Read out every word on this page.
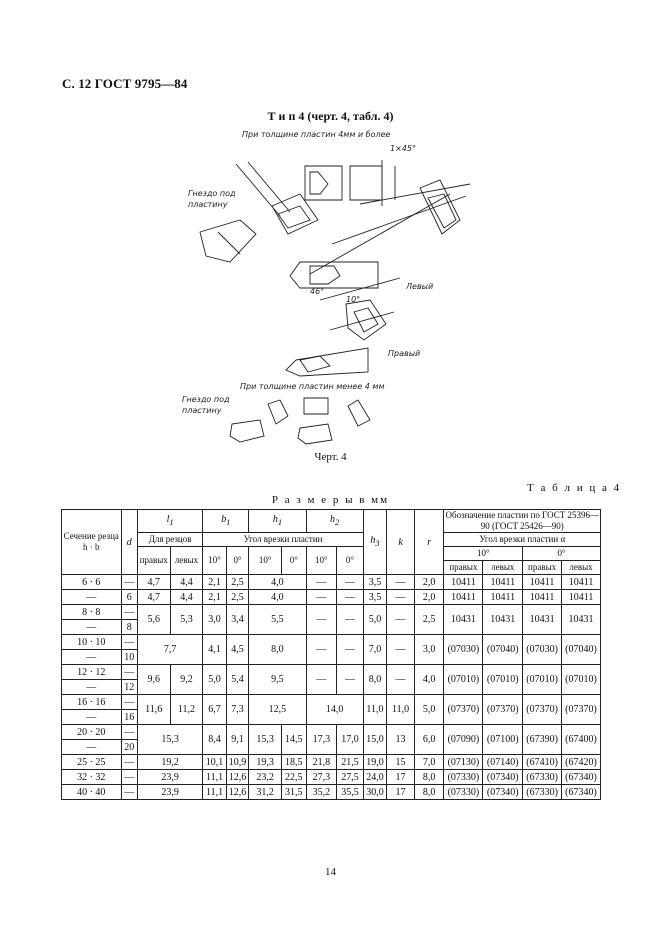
С. 12 ГОСТ 9795—84
Т и п 4 (черт. 4, табл. 4)
При толщине пластин 4мм и более
1×45°
Гнездо под
пластину
Левый
Правый
46°
10°
При толщине пластин менее 4 мм
Гнездо под
пластину
Черт. 4
Т а б л и ц а 4
Р а з м е р ы в мм
Сечение резца
h · b	d	$l_1$		$b_1$		$h_1$		$h_2$		$h_3$	k	r	Обозначение пластин по ГОСТ 25396—90 (ГОСТ 25426—90)			
		Для резцов		Угол врезки пластин									Угол врезки пластин α			
		правых	левых	10°	0°	10°	0°	10°	0°				10°		0°	
													правых	левых	правых	левых
6 · 6	—	4,7	4,4	2,1	2,5	4,0		—	—	3,5	—	2,0	10411	10411	10411	10411
—	6	4,7	4,4	2,1	2,5	4,0		—	—	3,5	—	2,0	10411	10411	10411	10411
8 · 8	—	5,6	5,3	3,0	3,4	5,5		—	—	5,0	—	2,5	10431	10431	10431	10431
—	8															
10 · 10	—	7,7		4,1	4,5	8,0		—	—	7,0	—	3,0	(07030)	(07040)	(07030)	(07040)
—	10															
12 · 12	—	9,6	9,2	5,0	5,4	9,5		—	—	8,0	—	4,0	(07010)	(07010)	(07010)	(07010)
—	12															
16 · 16	—	11,6	11,2	6,7	7,3	12,5		14,0		11,0	11,0	5,0	(07370)	(07370)	(07370)	(07370)
—	16															
20 · 20	—	15,3		8,4	9,1	15,3	14,5	17,3	17,0	15,0	13	6,0	(07090)	(07100)	(67390)	(67400)
—	20															
25 · 25	—	19,2		10,1	10,9	19,3	18,5	21,8	21,5	19,0	15	7,0	(07130)	(07140)	(67410)	(67420)
32 · 32	—	23,9		11,1	12,6	23,2	22,5	27,3	27,5	24,0	17	8,0	(07330)	(07340)	(67330)	(67340)
40 · 40	—	23,9		11,1	12,6	31,2	31,5	35,2	35,5	30,0	17	8,0	(07330)	(07340)	(67330)	(67340)
14
